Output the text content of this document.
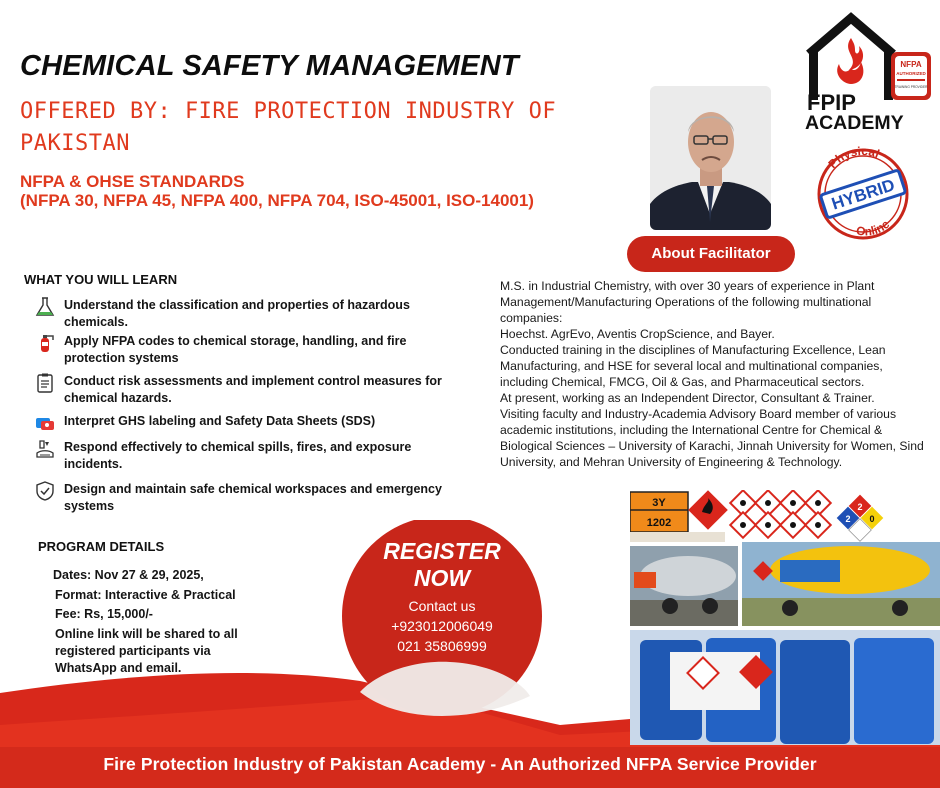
CHEMICAL SAFETY MANAGEMENT
OFFERED BY: FIRE PROTECTION INDUSTRY OF PAKISTAN
NFPA & OHSE STANDARDS
(NFPA 30, NFPA 45, NFPA 400, NFPA 704, ISO-45001, ISO-14001)
NFPA
AUTHORIZED
TRAINING PROVIDER
FPIP
ACADEMY
Physical
HYBRID
Online
About Facilitator
M.S. in Industrial Chemistry, with over 30 years of experience in Plant Management/Manufacturing Operations of the following multinational companies:
Hoechst. AgrEvo, Aventis CropScience, and Bayer.
Conducted training in the disciplines of Manufacturing Excellence, Lean Manufacturing, and HSE for several local and multinational companies, including Chemical, FMCG, Oil & Gas, and Pharmaceutical sectors.
At present, working as an Independent Director, Consultant & Trainer.
Visiting faculty and Industry-Academia Advisory Board member of various academic institutions, including the International Centre for Chemical & Biological Sciences – University of Karachi, Jinnah University for Women, Sind University, and Mehran University of Engineering & Technology.
WHAT YOU WILL LEARN
Understand the classification and properties of hazardous chemicals.
Apply NFPA codes to chemical storage, handling, and fire protection systems
Conduct risk assessments and implement control measures for chemical hazards.
Interpret GHS labeling and Safety Data Sheets (SDS)
Respond effectively to chemical spills, fires, and exposure incidents.
Design and maintain safe chemical workspaces and emergency systems
PROGRAM DETAILS
Dates: Nov 27 & 29, 2025,
Format: Interactive & Practical
Fee: Rs, 15,000/-
Online link will be shared to all registered participants via WhatsApp and email.
REGISTER
NOW
Contact us
+923012006049
021 35806999
3Y
1202
2
2 0
Fire Protection Industry of Pakistan Academy - An Authorized NFPA Service Provider
